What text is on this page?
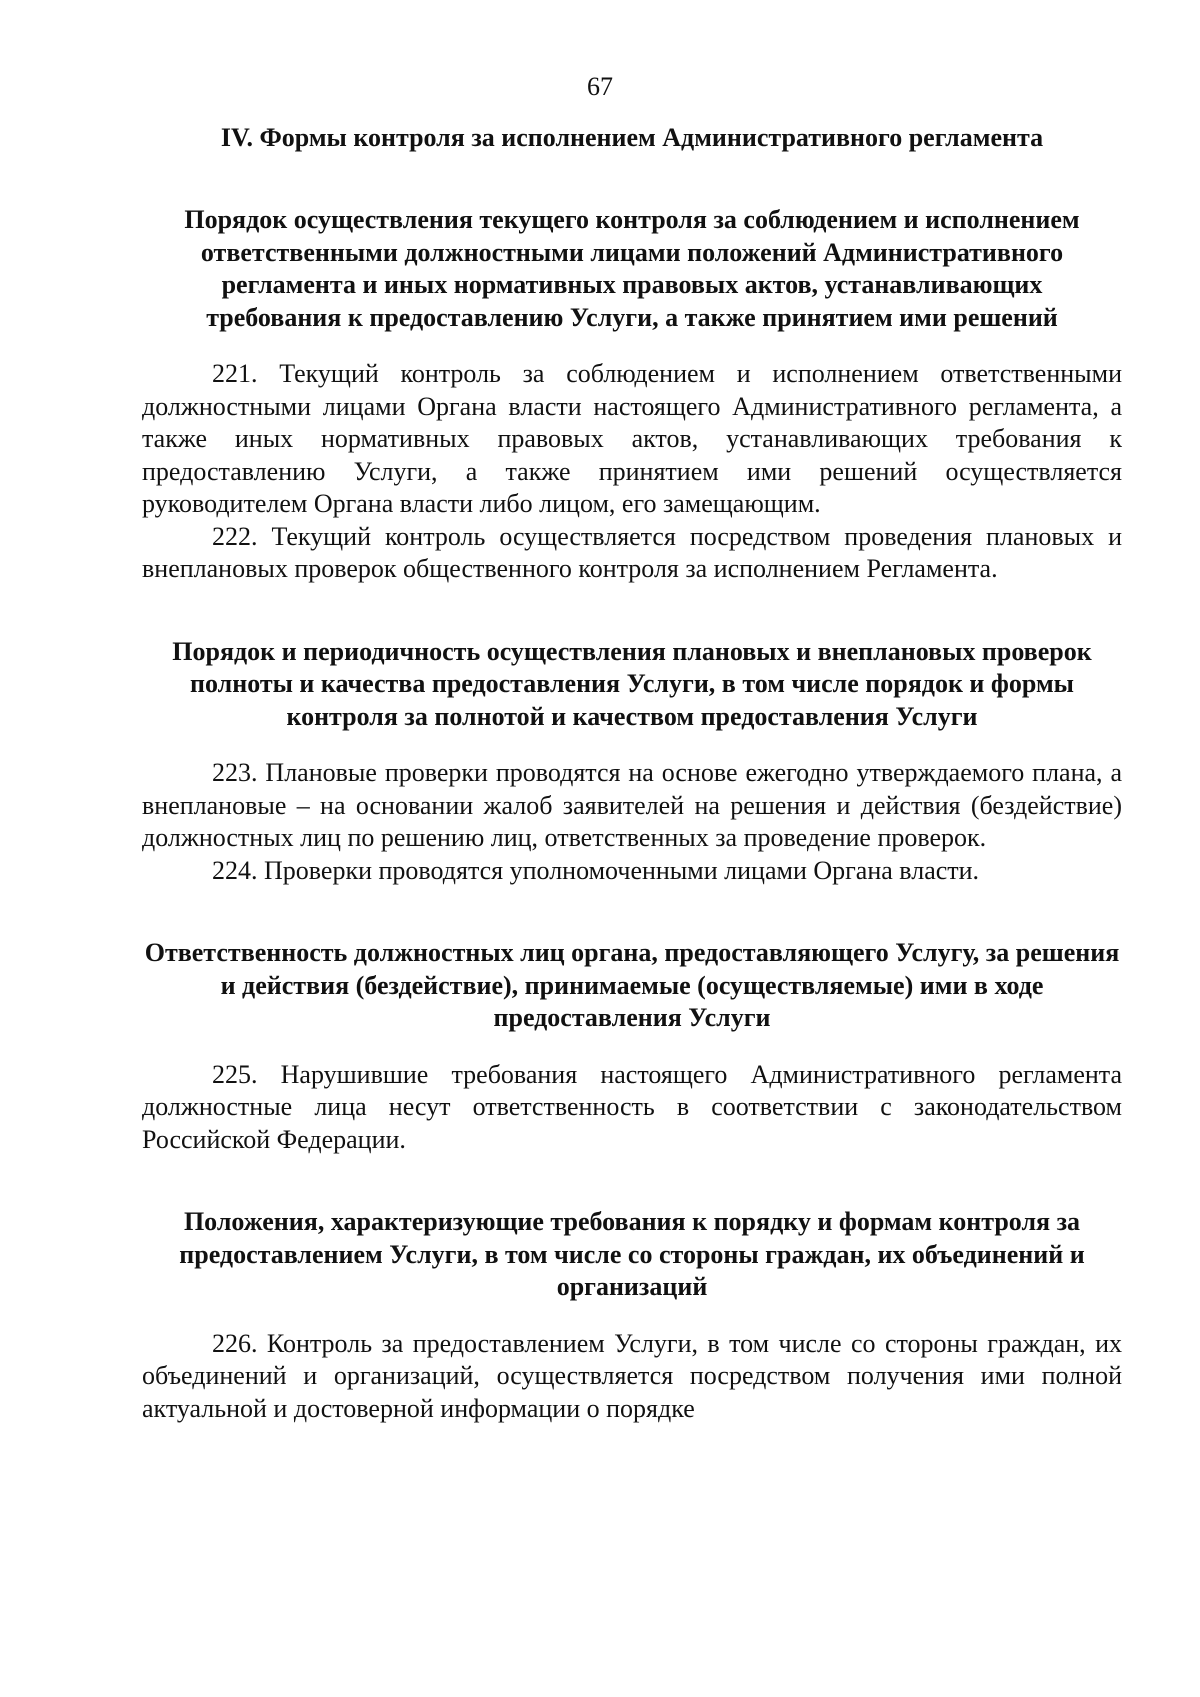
67

IV. Формы контроля за исполнением Административного регламента

Порядок осуществления текущего контроля за соблюдением и исполнением ответственными должностными лицами положений Административного регламента и иных нормативных правовых актов, устанавливающих требования к предоставлению Услуги, а также принятием ими решений

221. Текущий контроль за соблюдением и исполнением ответственными должностными лицами Органа власти настоящего Административного регламента, а также иных нормативных правовых актов, устанавливающих требования к предоставлению Услуги, а также принятием ими решений осуществляется руководителем Органа власти либо лицом, его замещающим.

222. Текущий контроль осуществляется посредством проведения плановых и внеплановых проверок общественного контроля за исполнением Регламента.

Порядок и периодичность осуществления плановых и внеплановых проверок полноты и качества предоставления Услуги, в том числе порядок и формы контроля за полнотой и качеством предоставления Услуги

223. Плановые проверки проводятся на основе ежегодно утверждаемого плана, а внеплановые – на основании жалоб заявителей на решения и действия (бездействие) должностных лиц по решению лиц, ответственных за проведение проверок.

224. Проверки проводятся уполномоченными лицами Органа власти.

Ответственность должностных лиц органа, предоставляющего Услугу, за решения и действия (бездействие), принимаемые (осуществляемые) ими в ходе предоставления Услуги

225. Нарушившие требования настоящего Административного регламента должностные лица несут ответственность в соответствии с законодательством Российской Федерации.

Положения, характеризующие требования к порядку и формам контроля за предоставлением Услуги, в том числе со стороны граждан, их объединений и организаций

226. Контроль за предоставлением Услуги, в том числе со стороны граждан, их объединений и организаций, осуществляется посредством получения ими полной актуальной и достоверной информации о порядке
